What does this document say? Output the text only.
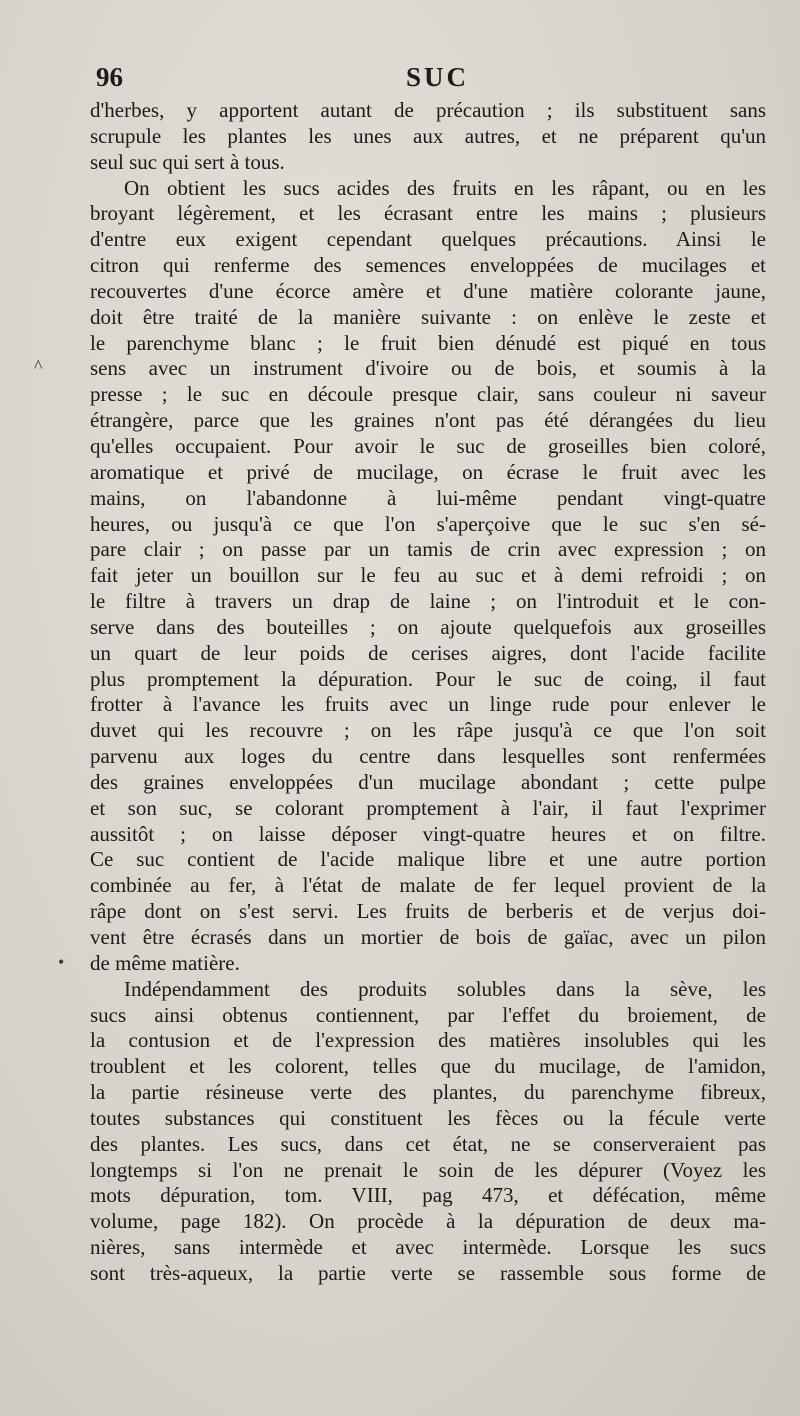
96	SUC
d'herbes, y apportent autant de précaution ; ils substituent sans
scrupule les plantes les unes aux autres, et ne préparent qu'un
seul suc qui sert à tous.
On obtient les sucs acides des fruits en les râpant, ou en les
broyant légèrement, et les écrasant entre les mains ; plusieurs
d'entre eux exigent cependant quelques précautions. Ainsi le
citron qui renferme des semences enveloppées de mucilages et
recouvertes d'une écorce amère et d'une matière colorante jaune,
doit être traité de la manière suivante : on enlève le zeste et
le parenchyme blanc ; le fruit bien dénudé est piqué en tous
sens avec un instrument d'ivoire ou de bois, et soumis à la
presse ; le suc en découle presque clair, sans couleur ni saveur
étrangère, parce que les graines n'ont pas été dérangées du lieu
qu'elles occupaient. Pour avoir le suc de groseilles bien coloré,
aromatique et privé de mucilage, on écrase le fruit avec les
mains, on l'abandonne à lui-même pendant vingt-quatre
heures, ou jusqu'à ce que l'on s'aperçoive que le suc s'en sé-
pare clair ; on passe par un tamis de crin avec expression ; on
fait jeter un bouillon sur le feu au suc et à demi refroidi ; on
le filtre à travers un drap de laine ; on l'introduit et le con-
serve dans des bouteilles ; on ajoute quelquefois aux groseilles
un quart de leur poids de cerises aigres, dont l'acide facilite
plus promptement la dépuration. Pour le suc de coing, il faut
frotter à l'avance les fruits avec un linge rude pour enlever le
duvet qui les recouvre ; on les râpe jusqu'à ce que l'on soit
parvenu aux loges du centre dans lesquelles sont renfermées
des graines enveloppées d'un mucilage abondant ; cette pulpe
et son suc, se colorant promptement à l'air, il faut l'exprimer
aussitôt ; on laisse déposer vingt-quatre heures et on filtre.
Ce suc contient de l'acide malique libre et une autre portion
combinée au fer, à l'état de malate de fer lequel provient de la
râpe dont on s'est servi. Les fruits de berberis et de verjus doi-
vent être écrasés dans un mortier de bois de gaïac, avec un pilon
de même matière.
Indépendamment des produits solubles dans la sève, les
sucs ainsi obtenus contiennent, par l'effet du broiement, de
la contusion et de l'expression des matières insolubles qui les
troublent et les colorent, telles que du mucilage, de l'amidon,
la partie résineuse verte des plantes, du parenchyme fibreux,
toutes substances qui constituent les fèces ou la fécule verte
des plantes. Les sucs, dans cet état, ne se conserveraient pas
longtemps si l'on ne prenait le soin de les dépurer (Voyez les
mots dépuration, tom. VIII, pag 473, et défécation, même
volume, page 182). On procède à la dépuration de deux ma-
nières, sans intermède et avec intermède. Lorsque les sucs
sont très-aqueux, la partie verte se rassemble sous forme de
^
•
